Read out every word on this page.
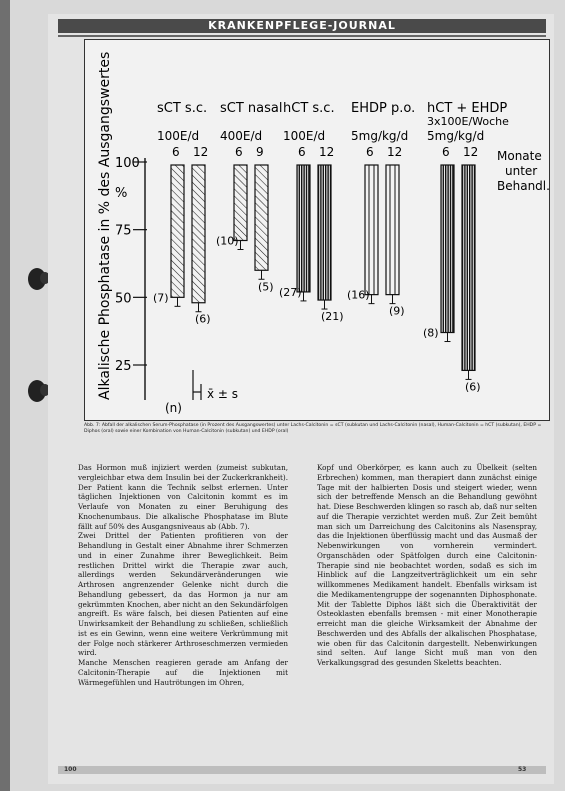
KRANKENPFLEGE-JOURNAL
Alkalische Phosphatase in % des Ausgangswertes 100
%
75
50
25
sCT s.c.
100E/d
6
(7)
12
(6)
sCT nasal
400E/d
6
(10)
9
(5)
hCT s.c.
100E/d
6
(27)
12
(21)
EHDP p.o.
5mg/kg/d
6
(16)
12
(9)
hCT + EHDP
3x100E/Woche
5mg/kg/d
6
(8)
12
(6)
Monate
unter
Behandl.
(n)
x̄ ± s
Abb. 7: Abfall der alkalischen Serum-Phosphatase (in Prozent des Ausgangswertes) unter Lachs-Calcitonin = sCT (subkutan und Lachs-Calcitonin (nasal), Human-Calcitonin = hCT (subkutan), EHDP = Diphos (oral) sowie einer Kombination von Human-Calcitonin (subkutan) und EHDP (oral)

Das Hormon muß injiziert werden (zumeist subkutan, vergleichbar etwa dem Insulin bei der Zuckerkrankheit). Der Patient kann die Technik selbst erlernen. Unter täglichen Injektionen von Calcitonin kommt es im Verlaufe von Monaten zu einer Beruhigung des Knochenumbaus. Die alkalische Phosphatase im Blute fällt auf 50% des Ausgangsniveaus ab (Abb. 7).

Zwei Drittel der Patienten profitieren von der Behandlung in Gestalt einer Abnahme ihrer Schmerzen und in einer Zunahme ihrer Beweglichkeit. Beim restlichen Drittel wirkt die Therapie zwar auch, allerdings werden Sekundärveränderungen wie Arthrosen angrenzender Gelenke nicht durch die Behandlung gebessert, da das Hormon ja nur am gekrümmten Knochen, aber nicht an den Sekundärfolgen angreift. Es wäre falsch, bei diesen Patienten auf eine Unwirksamkeit der Behandlung zu schließen, schließlich ist es ein Gewinn, wenn eine weitere Verkrümmung mit der Folge noch stärkerer Arthroseschmerzen vermieden wird.

Manche Menschen reagieren gerade am Anfang der Calcitonin-Therapie auf die Injektionen mit Wärmegefühlen und Hautrötungen im Ohren,

Kopf und Oberkörper, es kann auch zu Übelkeit (selten Erbrechen) kommen, man therapiert dann zunächst einige Tage mit der halbierten Dosis und steigert wieder, wenn sich der betreffende Mensch an die Behandlung gewöhnt hat. Diese Beschwerden klingen so rasch ab, daß nur selten auf die Therapie verzichtet werden muß. Zur Zeit bemüht man sich um Darreichung des Calcitonins als Nasenspray, das die Injektionen überflüssig macht und das Ausmaß der Nebenwirkungen von vornherein vermindert. Organschäden oder Spätfolgen durch eine Calcitonin-Therapie sind nie beobachtet worden, sodaß es sich im Hinblick auf die Langzeitverträglichkeit um ein sehr willkommenes Medikament handelt. Ebenfalls wirksam ist die Medikamentengruppe der sogenannten Diphosphonate. Mit der Tablette Diphos läßt sich die Überaktivität der Osteoklasten ebenfalls bremsen - mit einer Monotherapie erreicht man die gleiche Wirksamkeit der Abnahme der Beschwerden und des Abfalls der alkalischen Phosphatase, wie oben für das Calcitonin dargestellt. Nebenwirkungen sind selten. Auf lange Sicht muß man von den Verkalkungsgrad des gesunden Skeletts beachten.

100	53
